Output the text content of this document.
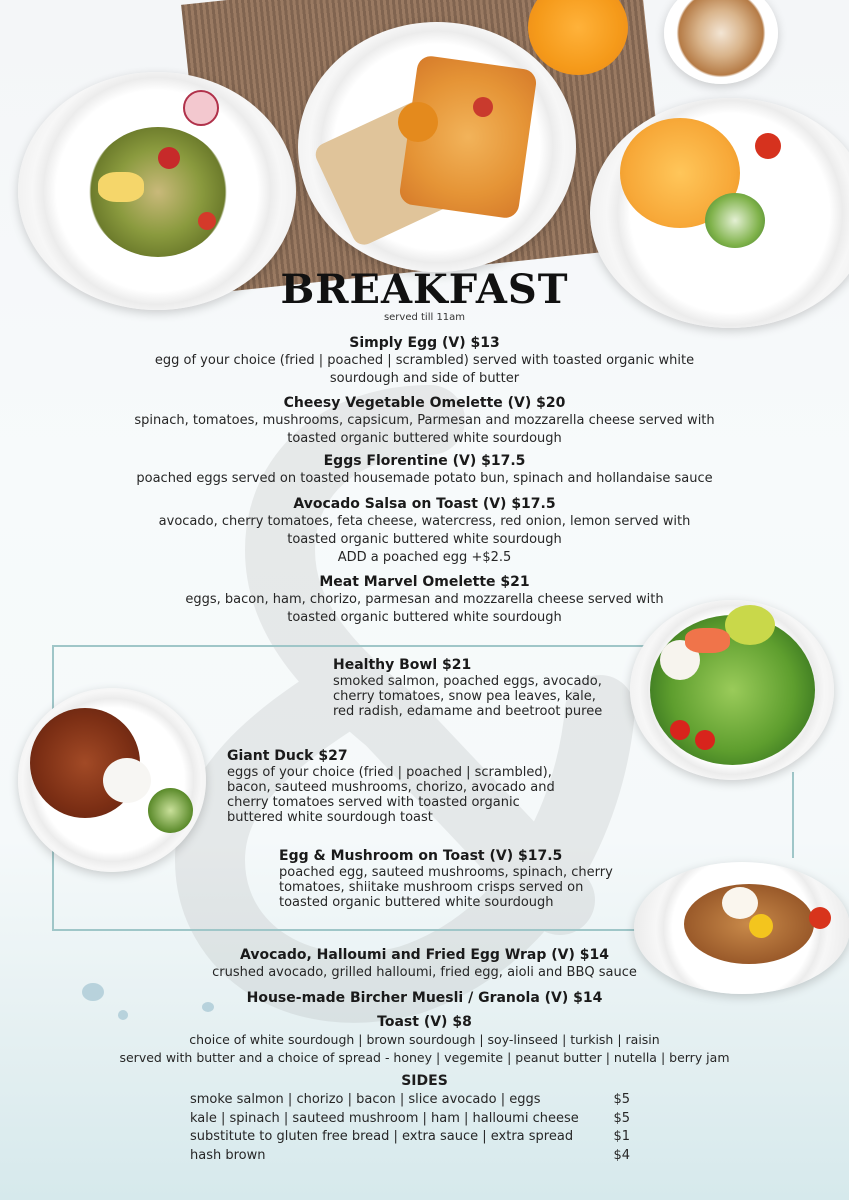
BREAKFAST
served till 11am
Simply Egg (V) $13
egg of your choice (fried | poached | scrambled) served with toasted organic white
sourdough and side of butter
Cheesy Vegetable Omelette (V) $20
spinach, tomatoes, mushrooms, capsicum, Parmesan and mozzarella cheese served with
toasted organic buttered white sourdough
Eggs Florentine (V) $17.5
poached eggs served on toasted housemade potato bun, spinach and hollandaise sauce
Avocado Salsa on Toast (V) $17.5
avocado, cherry tomatoes, feta cheese, watercress, red onion, lemon served with
toasted organic buttered white sourdough
ADD a poached egg +$2.5
Meat Marvel Omelette $21
eggs, bacon, ham, chorizo, parmesan and mozzarella cheese served with
toasted organic buttered white sourdough
Healthy Bowl $21
smoked salmon, poached eggs, avocado,
cherry tomatoes, snow pea leaves, kale,
red radish, edamame and beetroot puree
Giant Duck $27
eggs of your choice (fried | poached | scrambled),
bacon, sauteed mushrooms, chorizo, avocado and
cherry tomatoes served with toasted organic
buttered white sourdough toast
Egg & Mushroom on Toast (V) $17.5
poached egg, sauteed mushrooms, spinach, cherry
tomatoes, shiitake mushroom crisps served on
toasted organic buttered white sourdough
Avocado, Halloumi and Fried Egg Wrap (V) $14
crushed avocado, grilled halloumi, fried egg, aioli and BBQ sauce
House-made Bircher Muesli / Granola (V) $14
Toast (V) $8
choice of white sourdough | brown sourdough | soy-linseed | turkish | raisin
served with butter and a choice of spread - honey | vegemite | peanut butter | nutella | berry jam
SIDES
smoke salmon | chorizo | bacon | slice avocado | eggs	$5
kale | spinach | sauteed mushroom | ham | halloumi cheese	$5
substitute to gluten free bread | extra sauce | extra spread	$1
hash brown	$4
